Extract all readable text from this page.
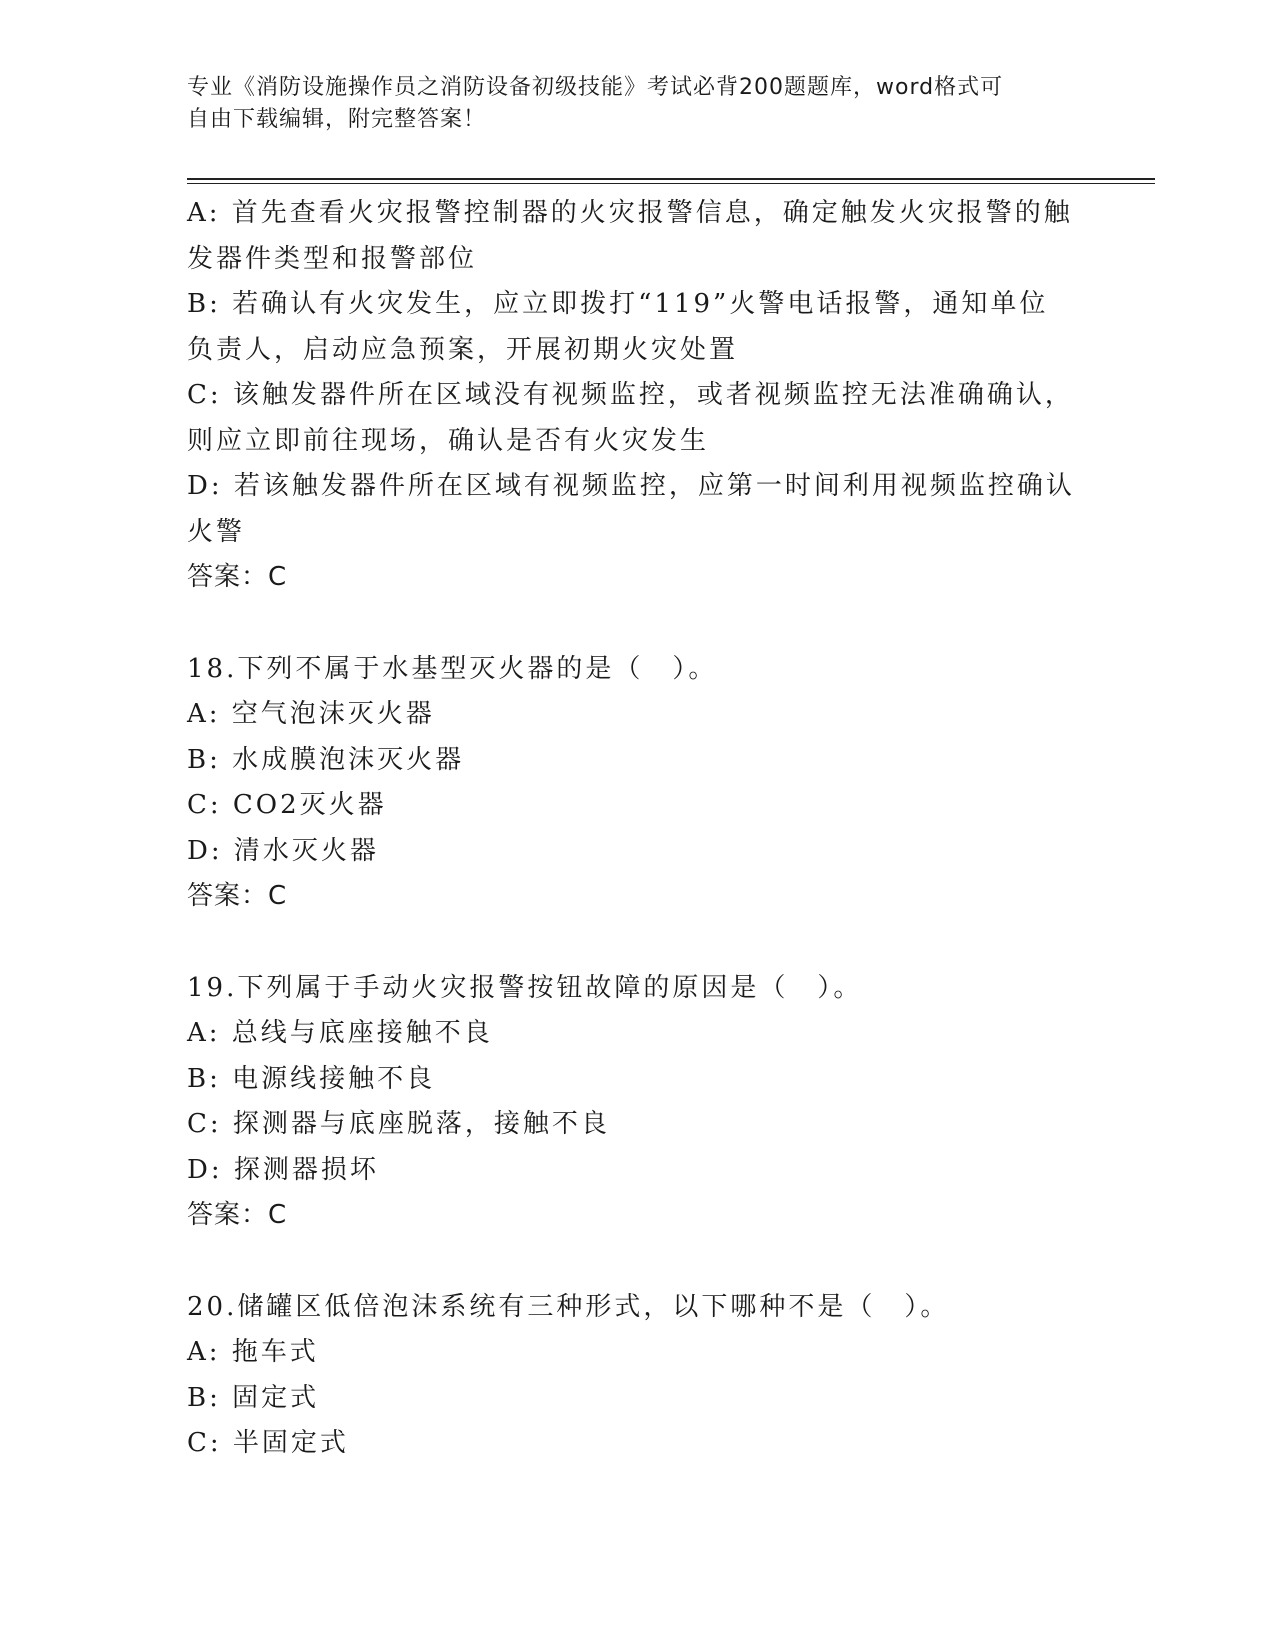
专业《消防设施操作员之消防设备初级技能》考试必背200题题库，word格式可
自由下载编辑，附完整答案！
A: 首先查看火灾报警控制器的火灾报警信息，确定触发火灾报警的触
发器件类型和报警部位
B: 若确认有火灾发生，应立即拨打“119”火警电话报警，通知单位
负责人，启动应急预案，开展初期火灾处置
C: 该触发器件所在区域没有视频监控，或者视频监控无法准确确认，
则应立即前往现场，确认是否有火灾发生
D: 若该触发器件所在区域有视频监控，应第一时间利用视频监控确认
火警
答案：C
18.下列不属于水基型灭火器的是（　）。
A: 空气泡沫灭火器
B: 水成膜泡沫灭火器
C: CO2灭火器
D: 清水灭火器
答案：C
19.下列属于手动火灾报警按钮故障的原因是（　）。
A: 总线与底座接触不良
B: 电源线接触不良
C: 探测器与底座脱落，接触不良
D: 探测器损坏
答案：C
20.储罐区低倍泡沫系统有三种形式，以下哪种不是（　）。
A: 拖车式
B: 固定式
C: 半固定式
